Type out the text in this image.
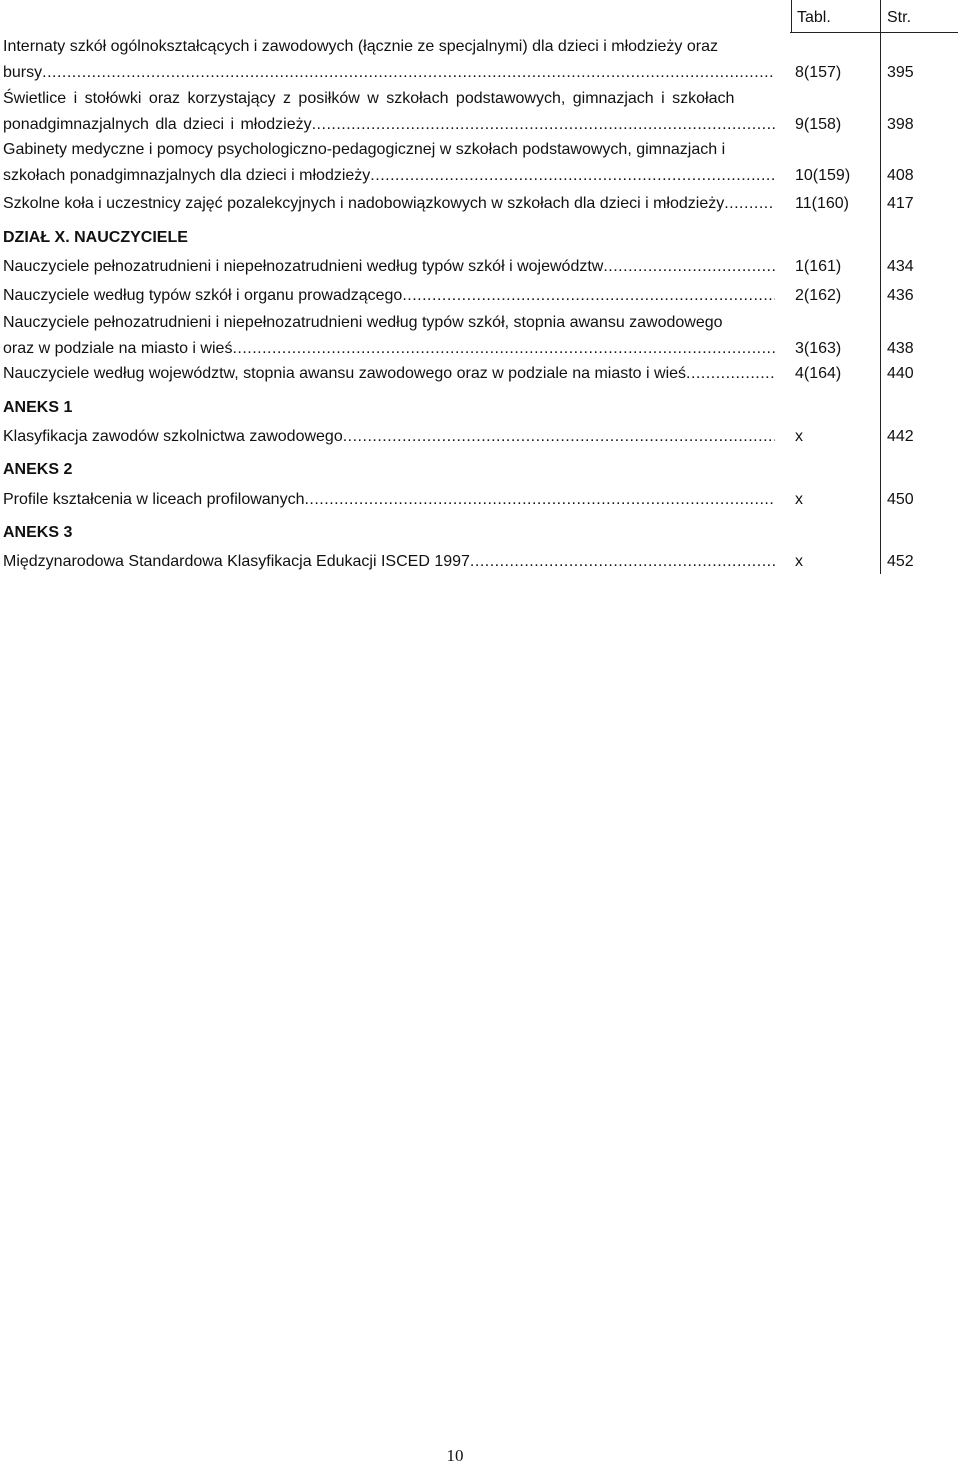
Tabl.	Str.
Internaty szkół ogólnokształcących i zawodowych (łącznie ze specjalnymi) dla dzieci i młodzieży oraz
bursy .....	8(157)	395
Świetlice i stołówki oraz korzystający z posiłków w szkołach podstawowych, gimnazjach i szkołach
ponadgimnazjalnych dla dzieci i młodzieży .....	9(158)	398
Gabinety medyczne i pomocy psychologiczno-pedagogicznej w szkołach podstawowych, gimnazjach i
szkołach ponadgimnazjalnych dla dzieci i młodzieży .....	10(159) 408
Szkolne koła i uczestnicy zajęć pozalekcyjnych i nadobowiązkowych w szkołach dla dzieci i młodzieży .....	11(160) 417
DZIAŁ X. NAUCZYCIELE
Nauczyciele pełnozatrudnieni i niepełnozatrudnieni według typów szkół i województw .....	1(161)	434
Nauczyciele według typów szkół i organu prowadzącego .....	2(162)	436
Nauczyciele pełnozatrudnieni i niepełnozatrudnieni według typów szkół, stopnia awansu zawodowego
oraz w podziale na miasto i wieś .....	3(163)	438
Nauczyciele według województw, stopnia awansu zawodowego oraz w podziale na miasto i wieś .....	4(164)	440
ANEKS 1
Klasyfikacja zawodów szkolnictwa zawodowego .....	x	442
ANEKS 2
Profile kształcenia w liceach profilowanych .....	x	450
ANEKS 3
Międzynarodowa Standardowa Klasyfikacja Edukacji ISCED 1997 .....	x	452
10
